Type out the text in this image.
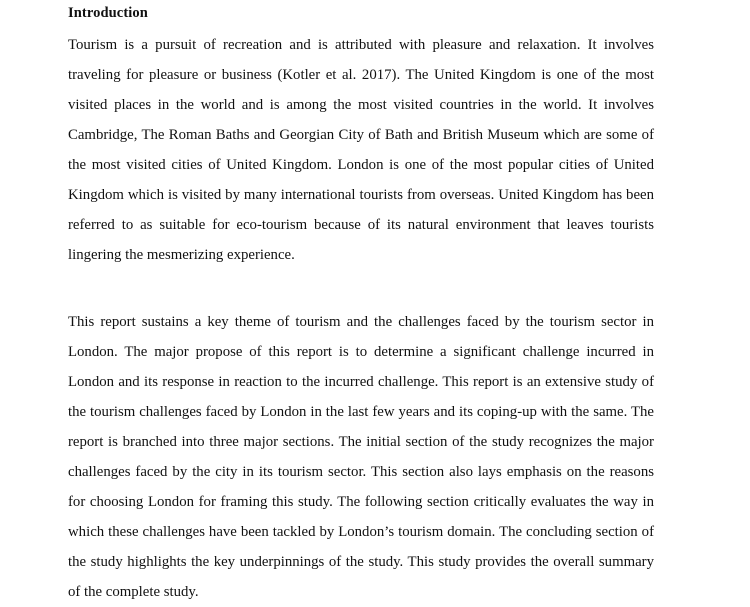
Introduction

Tourism is a pursuit of recreation and is attributed with pleasure and relaxation. It involves traveling for pleasure or business (Kotler et al. 2017). The United Kingdom is one of the most visited places in the world and is among the most visited countries in the world. It involves Cambridge, The Roman Baths and Georgian City of Bath and British Museum which are some of the most visited cities of United Kingdom. London is one of the most popular cities of United Kingdom which is visited by many international tourists from overseas. United Kingdom has been referred to as suitable for eco-tourism because of its natural environment that leaves tourists lingering the mesmerizing experience.

This report sustains a key theme of tourism and the challenges faced by the tourism sector in London. The major propose of this report is to determine a significant challenge incurred in London and its response in reaction to the incurred challenge. This report is an extensive study of the tourism challenges faced by London in the last few years and its coping-up with the same. The report is branched into three major sections. The initial section of the study recognizes the major challenges faced by the city in its tourism sector. This section also lays emphasis on the reasons for choosing London for framing this study. The following section critically evaluates the way in which these challenges have been tackled by London’s tourism domain. The concluding section of the study highlights the key underpinnings of the study. This study provides the overall summary of the complete study.
